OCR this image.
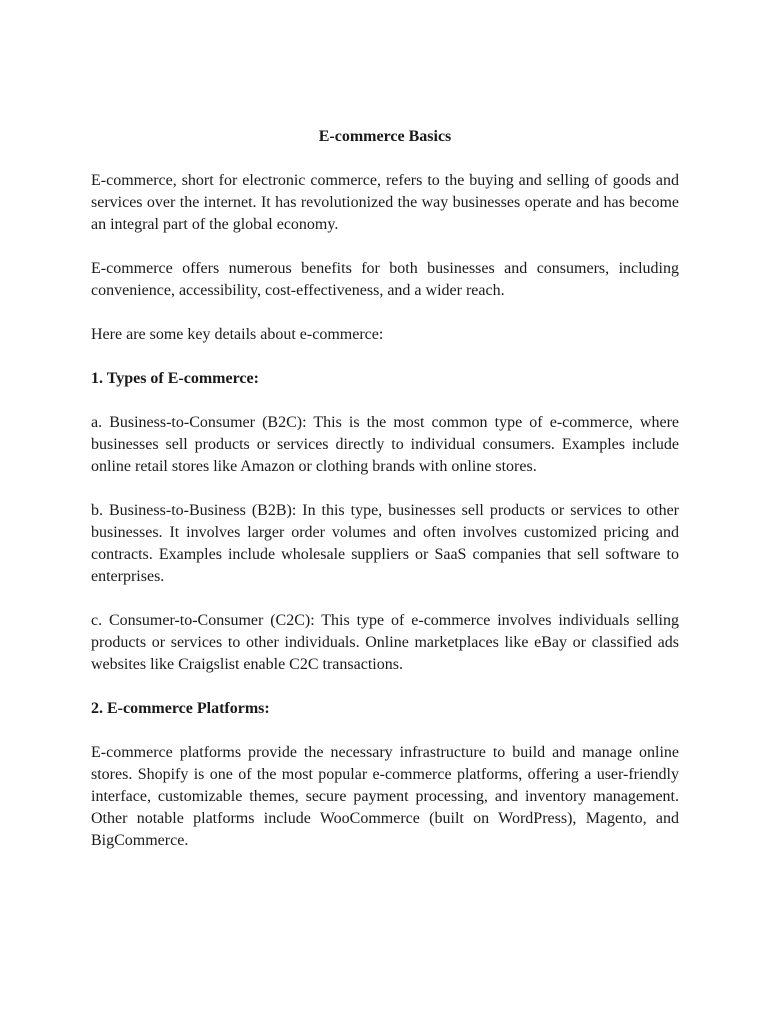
E-commerce Basics

E-commerce, short for electronic commerce, refers to the buying and selling of goods and services over the internet. It has revolutionized the way businesses operate and has become an integral part of the global economy.

E-commerce offers numerous benefits for both businesses and consumers, including convenience, accessibility, cost-effectiveness, and a wider reach.

Here are some key details about e-commerce:

1. Types of E-commerce:

a. Business-to-Consumer (B2C): This is the most common type of e-commerce, where businesses sell products or services directly to individual consumers. Examples include online retail stores like Amazon or clothing brands with online stores.

b. Business-to-Business (B2B): In this type, businesses sell products or services to other businesses. It involves larger order volumes and often involves customized pricing and contracts. Examples include wholesale suppliers or SaaS companies that sell software to enterprises.

c. Consumer-to-Consumer (C2C): This type of e-commerce involves individuals selling products or services to other individuals. Online marketplaces like eBay or classified ads websites like Craigslist enable C2C transactions.

2. E-commerce Platforms:

E-commerce platforms provide the necessary infrastructure to build and manage online stores. Shopify is one of the most popular e-commerce platforms, offering a user-friendly interface, customizable themes, secure payment processing, and inventory management. Other notable platforms include WooCommerce (built on WordPress), Magento, and BigCommerce.
